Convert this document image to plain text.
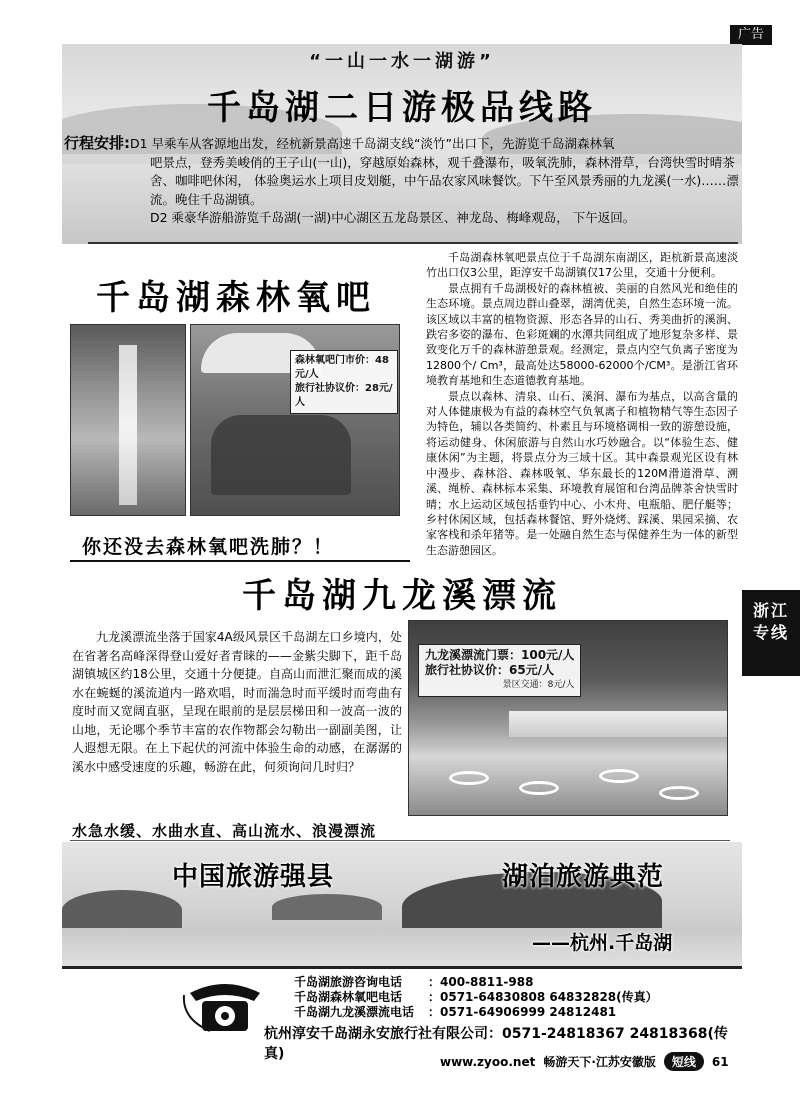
广告
“一山一水一湖游”
千岛湖二日游极品线路
行程安排:D1 早乘车从客源地出发，经杭新景高速千岛湖支线“淡竹”出口下，先游览千岛湖森林氧
吧景点，登秀美峻俏的王子山(一山)，穿越原始森林，观千叠瀑布，吸氧洗肺，森林滑草，台湾快雪时晴茶舍、咖啡吧休闲， 体验奥运水上项目皮划艇，中午品农家风味餐饮。下午至风景秀丽的九龙溪(一水)……漂流。晚住千岛湖镇。
D2 乘豪华游船游览千岛湖(一湖)中心湖区五龙岛景区、神龙岛、梅峰观岛， 下午返回。
千岛湖森林氧吧
森林氧吧门市价：48元/人
旅行社协议价：28元/人
你还没去森林氧吧洗肺？！

千岛湖森林氧吧景点位于千岛湖东南湖区，距杭新景高速淡竹出口仅3公里，距淳安千岛湖镇仅17公里，交通十分便利。

景点拥有千岛湖极好的森林植被、美丽的自然风光和绝佳的生态环境。景点周边群山叠翠，湖湾优美，自然生态环境一流。该区域以丰富的植物资源、形态各异的山石、秀美曲折的溪涧、跌宕多姿的瀑布、色彩斑斓的水潭共同组成了地形复杂多样、景致变化万千的森林游憩景观。经测定，景点内空气负离子密度为12800个/ Cm³，最高处达58000-62000个/CM³。是浙江省环境教育基地和生态道德教育基地。

景点以森林、清泉、山石、溪涧、瀑布为基点，以高含量的对人体健康极为有益的森林空气负氧离子和植物精气等生态因子为特色，辅以各类简约、朴素且与环境格调相一致的游憩设施，将运动健身、休闲旅游与自然山水巧妙融合。以“体验生态、健康休闲”为主题，将景点分为三域十区。其中森景观光区设有林中漫步、森林浴、森林吸氧、华东最长的120M滑道滑草、溯溪、绳桥、森林标本采集、环境教育展馆和台湾品牌茶舍快雪时晴；水上运动区域包括垂钓中心、小木舟、电瓶船、肥仔艇等；乡村休闲区域，包括森林餐馆、野外烧烤、踩溪、果园采摘、农家客栈和杀年猪等。是一处融自然生态与保健养生为一体的新型生态游憩园区。

千岛湖九龙溪漂流
九龙溪漂流坐落于国家4A级风景区千岛湖左口乡境内，处在省著名高峰深得登山爱好者青睐的——金紫尖脚下，距千岛湖镇城区约18公里，交通十分便捷。自高山而泄汇聚而成的溪水在蜿蜒的溪流道内一路欢唱，时而湍急时而平缓时而弯曲有度时而又宽阔直驱，呈现在眼前的是层层梯田和一波高一波的山地，无论哪个季节丰富的农作物都会勾勒出一副副美图，让人遐想无限。在上下起伏的河流中体验生命的动感，在潺潺的溪水中感受速度的乐趣，畅游在此，何须询问几时归？
水急水缓、水曲水直、高山流水、浪漫漂流
九龙溪漂流门票：100元/人
旅行社协议价：65元/人
景区交通：8元/人
浙江
专线
中国旅游强县	湖泊旅游典范
——杭州.千岛湖
千岛湖旅游咨询电话	：400-8811-988
千岛湖森林氧吧电话	：0571-64830808 64832828(传真）
千岛湖九龙溪漂流电话	：0571-64906999 24812481
杭州淳安千岛湖永安旅行社有限公司：0571-24818367 24818368(传真)	www.zyoo.net 畅游天下·江苏安徽版	短线	61
